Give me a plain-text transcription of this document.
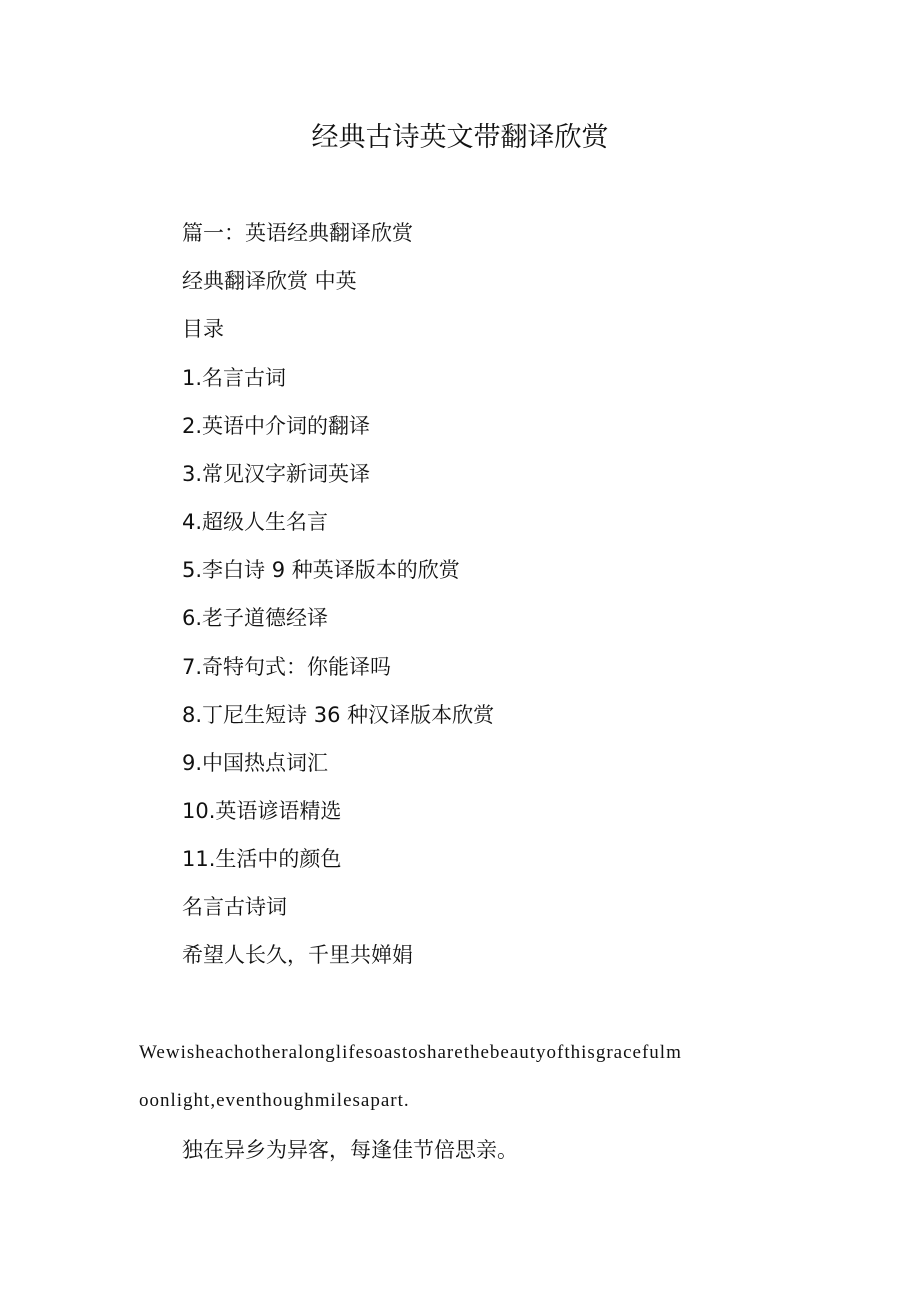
经典古诗英文带翻译欣赏
篇一：英语经典翻译欣赏
经典翻译欣赏 中英
目录
1.名言古词
2.英语中介词的翻译
3.常见汉字新词英译
4.超级人生名言
5.李白诗 9 种英译版本的欣赏
6.老子道德经译
7.奇特句式：你能译吗
8.丁尼生短诗 36 种汉译版本欣赏
9.中国热点词汇
10.英语谚语精选
11.生活中的颜色
名言古诗词
希望人长久，千里共婵娟
Wewisheachotheralonglifesoastosharethebeautyofthisgracefulm
oonlight,eventhoughmilesapart.
独在异乡为异客，每逢佳节倍思亲。
